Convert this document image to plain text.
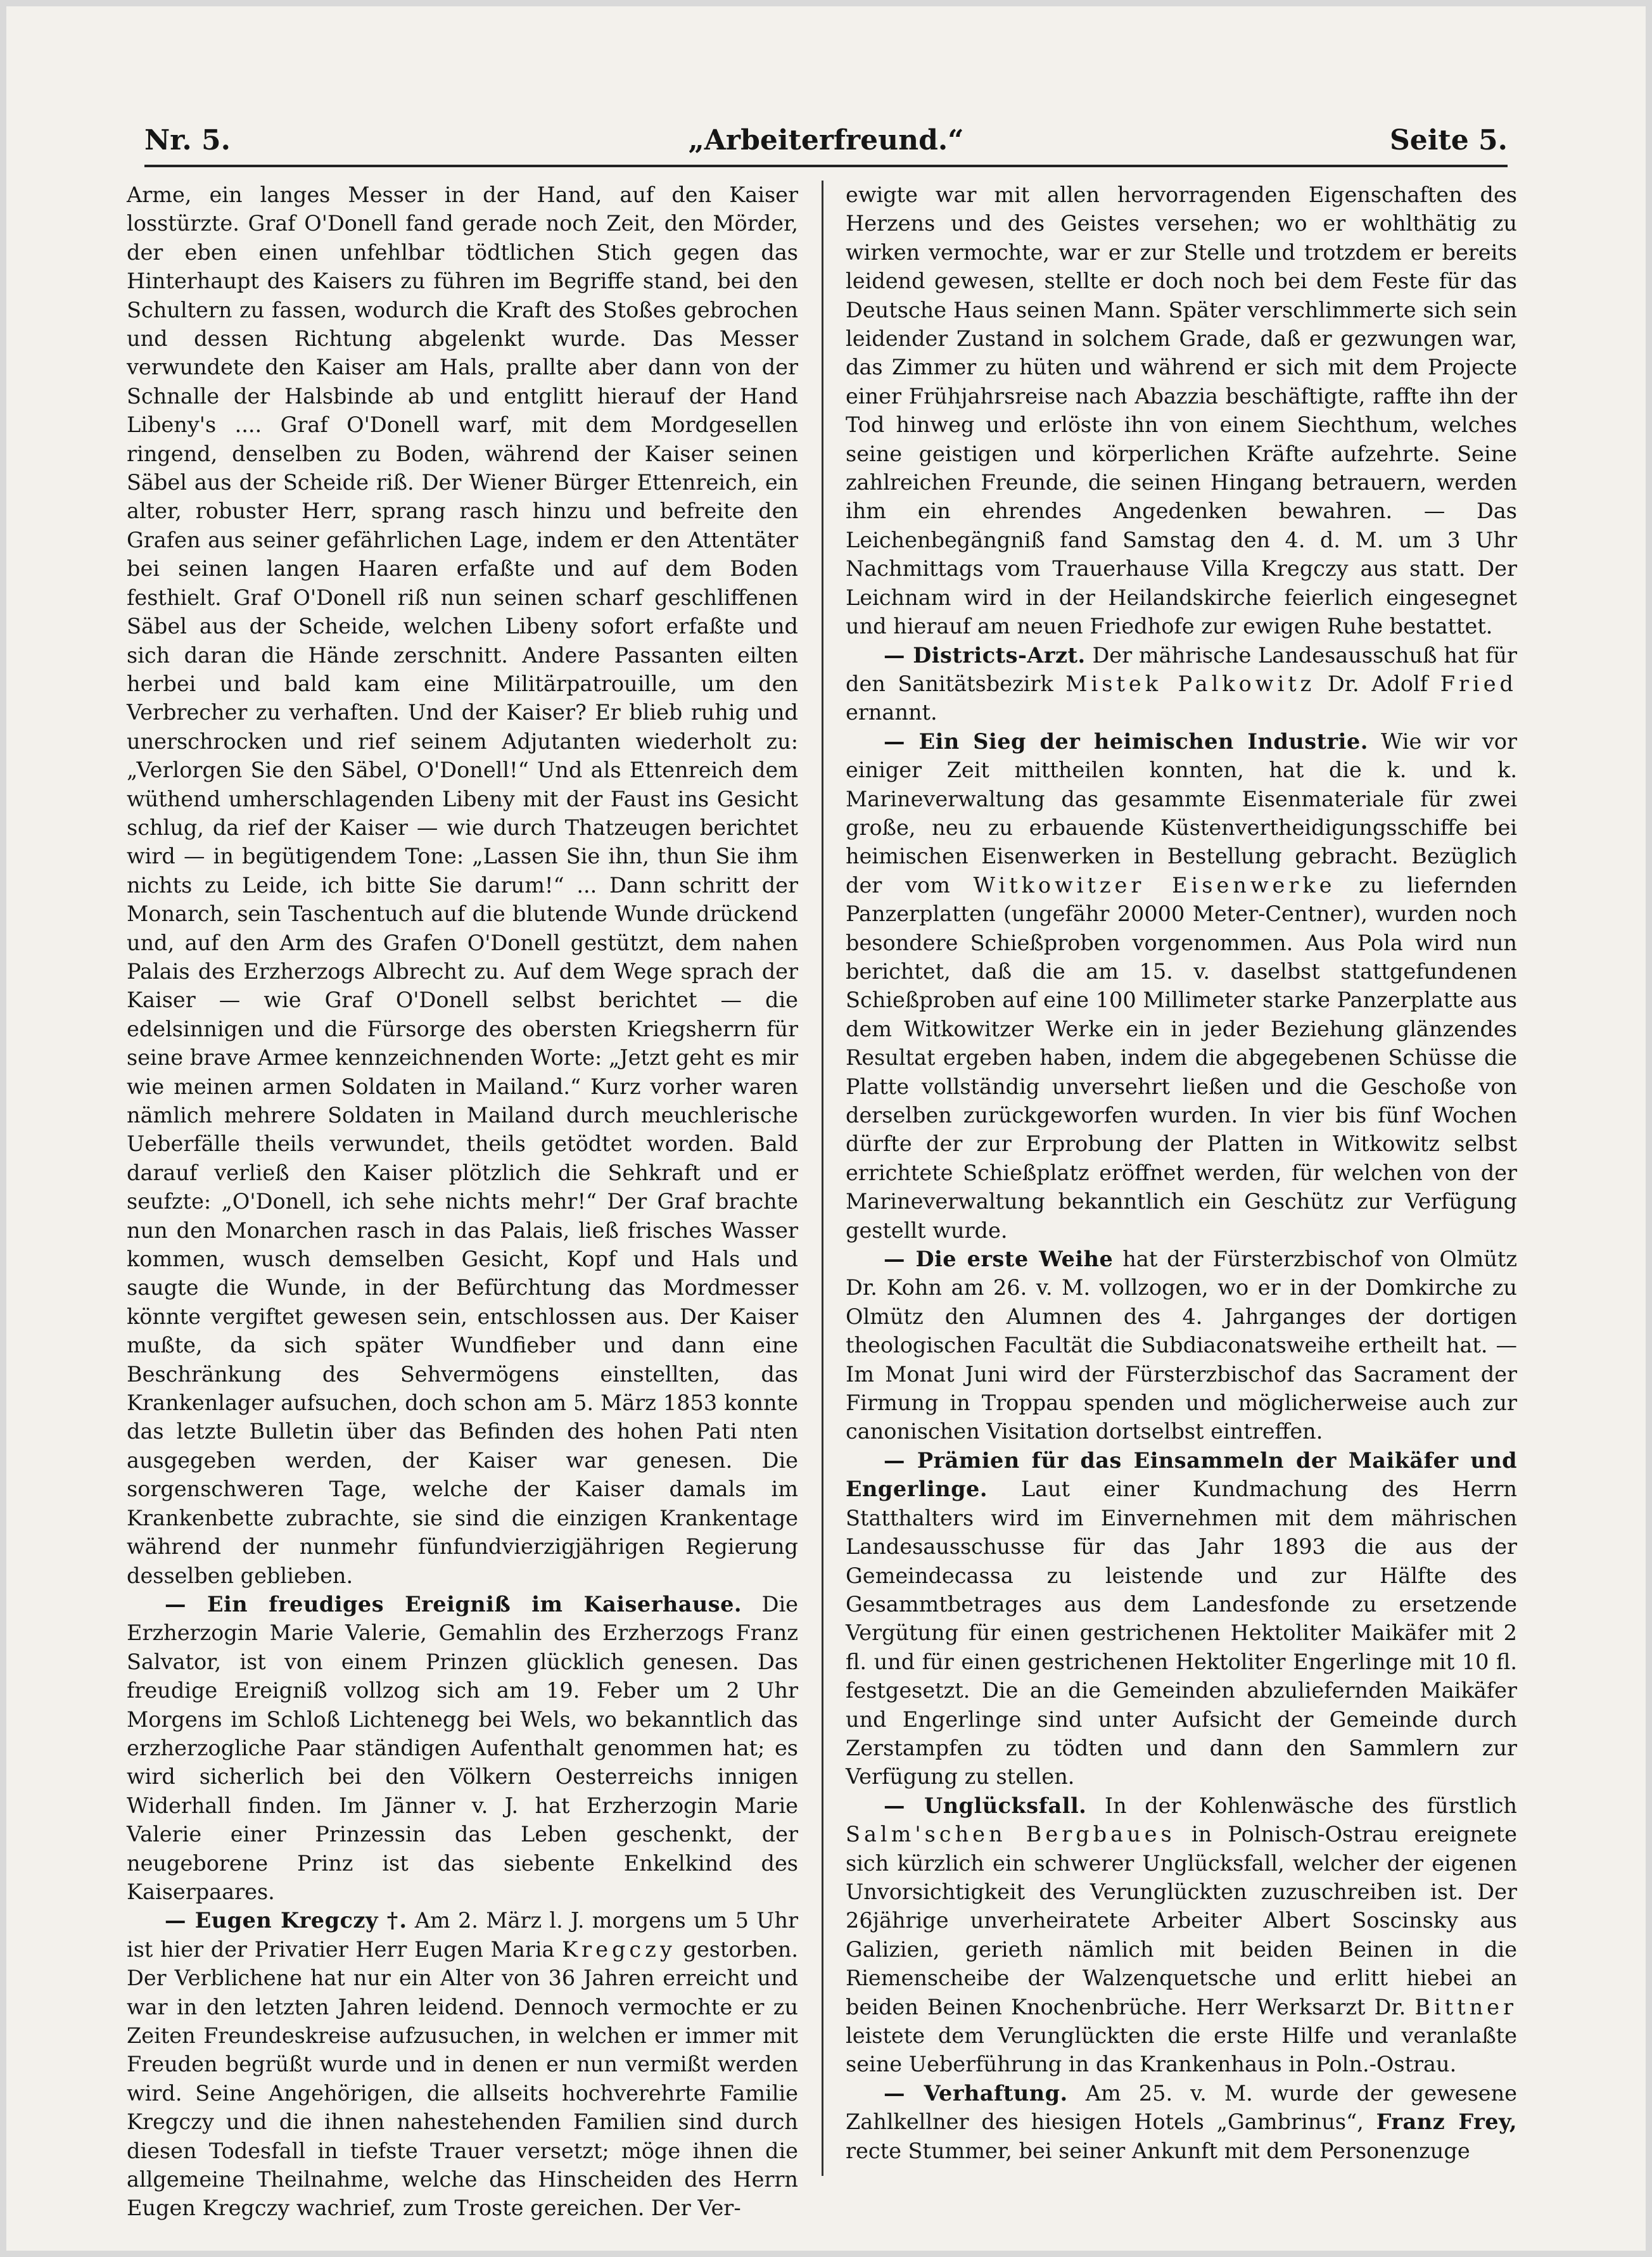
Nr. 5.	„Arbeiterfreund.“	Seite 5.

Arme, ein langes Messer in der Hand, auf den Kaiser losstürzte. Graf O'Donell fand gerade noch Zeit, den Mörder, der eben einen unfehlbar tödtlichen Stich gegen das Hinterhaupt des Kaisers zu führen im Begriffe stand, bei den Schultern zu fassen, wodurch die Kraft des Stoßes gebrochen und dessen Richtung abgelenkt wurde. Das Messer verwundete den Kaiser am Hals, prallte aber dann von der Schnalle der Halsbinde ab und entglitt hierauf der Hand Libeny's .... Graf O'Donell warf, mit dem Mordgesellen ringend, denselben zu Boden, während der Kaiser seinen Säbel aus der Scheide riß. Der Wiener Bürger Ettenreich, ein alter, robuster Herr, sprang rasch hinzu und befreite den Grafen aus seiner gefährlichen Lage, indem er den Attentäter bei seinen langen Haaren erfaßte und auf dem Boden festhielt. Graf O'Donell riß nun seinen scharf geschliffenen Säbel aus der Scheide, welchen Libeny sofort erfaßte und sich daran die Hände zerschnitt. Andere Passanten eilten herbei und bald kam eine Militärpatrouille, um den Verbrecher zu verhaften. Und der Kaiser? Er blieb ruhig und unerschrocken und rief seinem Adjutanten wiederholt zu: „Verlorgen Sie den Säbel, O'Donell!“ Und als Ettenreich dem wüthend umherschlagenden Libeny mit der Faust ins Gesicht schlug, da rief der Kaiser — wie durch Thatzeugen berichtet wird — in begütigendem Tone: „Lassen Sie ihn, thun Sie ihm nichts zu Leide, ich bitte Sie darum!“ ... Dann schritt der Monarch, sein Taschentuch auf die blutende Wunde drückend und, auf den Arm des Grafen O'Donell gestützt, dem nahen Palais des Erzherzogs Albrecht zu. Auf dem Wege sprach der Kaiser — wie Graf O'Donell selbst berichtet — die edelsinnigen und die Fürsorge des obersten Kriegsherrn für seine brave Armee kennzeichnenden Worte: „Jetzt geht es mir wie meinen armen Soldaten in Mailand.“ Kurz vorher waren nämlich mehrere Soldaten in Mailand durch meuchlerische Ueberfälle theils verwundet, theils getödtet worden. Bald darauf verließ den Kaiser plötzlich die Sehkraft und er seufzte: „O'Donell, ich sehe nichts mehr!“ Der Graf brachte nun den Monarchen rasch in das Palais, ließ frisches Wasser kommen, wusch demselben Gesicht, Kopf und Hals und saugte die Wunde, in der Befürchtung das Mordmesser könnte vergiftet gewesen sein, entschlossen aus. Der Kaiser mußte, da sich später Wundfieber und dann eine Beschränkung des Sehvermögens einstellten, das Krankenlager aufsuchen, doch schon am 5. März 1853 konnte das letzte Bulletin über das Befinden des hohen Pati nten ausgegeben werden, der Kaiser war genesen. Die sorgenschweren Tage, welche der Kaiser damals im Krankenbette zubrachte, sie sind die einzigen Krankentage während der nunmehr fünfundvierzigjährigen Regierung desselben geblieben.

— Ein freudiges Ereigniß im Kaiserhause. Die Erzherzogin Marie Valerie, Gemahlin des Erzherzogs Franz Salvator, ist von einem Prinzen glücklich genesen. Das freudige Ereigniß vollzog sich am 19. Feber um 2 Uhr Morgens im Schloß Lichtenegg bei Wels, wo bekanntlich das erzherzogliche Paar ständigen Aufenthalt genommen hat; es wird sicherlich bei den Völkern Oesterreichs innigen Widerhall finden. Im Jänner v. J. hat Erzherzogin Marie Valerie einer Prinzessin das Leben geschenkt, der neugeborene Prinz ist das siebente Enkelkind des Kaiserpaares.

— Eugen Kregczy †. Am 2. März l. J. morgens um 5 Uhr ist hier der Privatier Herr Eugen Maria Kregczy gestorben. Der Verblichene hat nur ein Alter von 36 Jahren erreicht und war in den letzten Jahren leidend. Dennoch vermochte er zu Zeiten Freundeskreise aufzusuchen, in welchen er immer mit Freuden begrüßt wurde und in denen er nun vermißt werden wird. Seine Angehörigen, die allseits hochverehrte Familie Kregczy und die ihnen nahestehenden Familien sind durch diesen Todesfall in tiefste Trauer versetzt; möge ihnen die allgemeine Theilnahme, welche das Hinscheiden des Herrn Eugen Kregczy wachrief, zum Troste gereichen. Der Ver-

ewigte war mit allen hervorragenden Eigenschaften des Herzens und des Geistes versehen; wo er wohlthätig zu wirken vermochte, war er zur Stelle und trotzdem er bereits leidend gewesen, stellte er doch noch bei dem Feste für das Deutsche Haus seinen Mann. Später verschlimmerte sich sein leidender Zustand in solchem Grade, daß er gezwungen war, das Zimmer zu hüten und während er sich mit dem Projecte einer Frühjahrsreise nach Abazzia beschäftigte, raffte ihn der Tod hinweg und erlöste ihn von einem Siechthum, welches seine geistigen und körperlichen Kräfte aufzehrte. Seine zahlreichen Freunde, die seinen Hingang betrauern, werden ihm ein ehrendes Angedenken bewahren. — Das Leichenbegängniß fand Samstag den 4. d. M. um 3 Uhr Nachmittags vom Trauerhause Villa Kregczy aus statt. Der Leichnam wird in der Heilandskirche feierlich eingesegnet und hierauf am neuen Friedhofe zur ewigen Ruhe bestattet.

— Districts-Arzt. Der mährische Landesausschuß hat für den Sanitätsbezirk Mistek Palkowitz Dr. Adolf Fried ernannt.

— Ein Sieg der heimischen Industrie. Wie wir vor einiger Zeit mittheilen konnten, hat die k. und k. Marineverwaltung das gesammte Eisenmateriale für zwei große, neu zu erbauende Küstenvertheidigungsschiffe bei heimischen Eisenwerken in Bestellung gebracht. Bezüglich der vom Witkowitzer Eisenwerke zu liefernden Panzerplatten (ungefähr 20000 Meter-Centner), wurden noch besondere Schießproben vorgenommen. Aus Pola wird nun berichtet, daß die am 15. v. daselbst stattgefundenen Schießproben auf eine 100 Millimeter starke Panzerplatte aus dem Witkowitzer Werke ein in jeder Beziehung glänzendes Resultat ergeben haben, indem die abgegebenen Schüsse die Platte vollständig unversehrt ließen und die Geschoße von derselben zurückgeworfen wurden. In vier bis fünf Wochen dürfte der zur Erprobung der Platten in Witkowitz selbst errichtete Schießplatz eröffnet werden, für welchen von der Marineverwaltung bekanntlich ein Geschütz zur Verfügung gestellt wurde.

— Die erste Weihe hat der Fürsterzbischof von Olmütz Dr. Kohn am 26. v. M. vollzogen, wo er in der Domkirche zu Olmütz den Alumnen des 4. Jahrganges der dortigen theologischen Facultät die Subdiaconatsweihe ertheilt hat. — Im Monat Juni wird der Fürsterzbischof das Sacrament der Firmung in Troppau spenden und möglicherweise auch zur canonischen Visitation dortselbst eintreffen.

— Prämien für das Einsammeln der Maikäfer und Engerlinge. Laut einer Kundmachung des Herrn Statthalters wird im Einvernehmen mit dem mährischen Landesausschusse für das Jahr 1893 die aus der Gemeindecassa zu leistende und zur Hälfte des Gesammtbetrages aus dem Landesfonde zu ersetzende Vergütung für einen gestrichenen Hektoliter Maikäfer mit 2 fl. und für einen gestrichenen Hektoliter Engerlinge mit 10 fl. festgesetzt. Die an die Gemeinden abzuliefernden Maikäfer und Engerlinge sind unter Aufsicht der Gemeinde durch Zerstampfen zu tödten und dann den Sammlern zur Verfügung zu stellen.

— Unglücksfall. In der Kohlenwäsche des fürstlich Salm'schen Bergbaues in Polnisch-Ostrau ereignete sich kürzlich ein schwerer Unglücksfall, welcher der eigenen Unvorsichtigkeit des Verunglückten zuzuschreiben ist. Der 26jährige unverheiratete Arbeiter Albert Soscinsky aus Galizien, gerieth nämlich mit beiden Beinen in die Riemenscheibe der Walzenquetsche und erlitt hiebei an beiden Beinen Knochenbrüche. Herr Werksarzt Dr. Bittner leistete dem Verunglückten die erste Hilfe und veranlaßte seine Ueberführung in das Krankenhaus in Poln.-Ostrau.

— Verhaftung. Am 25. v. M. wurde der gewesene Zahlkellner des hiesigen Hotels „Gambrinus“, Franz Frey, recte Stummer, bei seiner Ankunft mit dem Personenzuge
